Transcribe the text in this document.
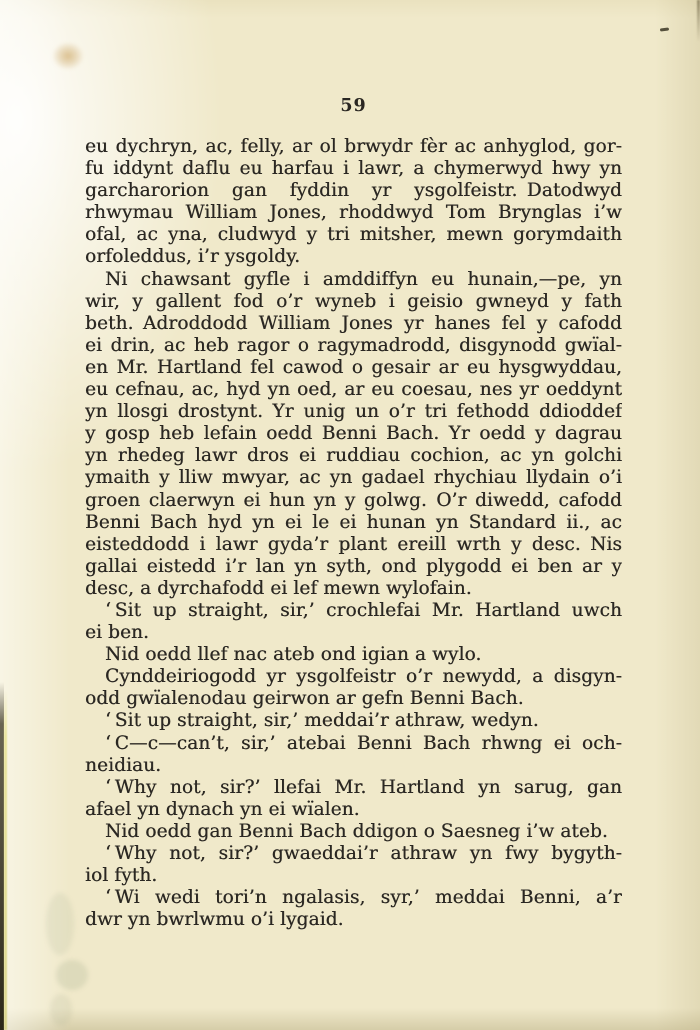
59
eu dychryn, ac, felly, ar ol brwydr fèr ac anhyglod, gor-
fu iddynt daflu eu harfau i lawr, a chymerwyd hwy yn
garcharorion gan fyddin yr ysgolfeistr. Datodwyd
rhwymau William Jones, rhoddwyd Tom Brynglas i’w
ofal, ac yna, cludwyd y tri mitsher, mewn gorymdaith
orfoleddus, i’r ysgoldy.
Ni chawsant gyfle i amddiffyn eu hunain,—pe, yn
wir, y gallent fod o’r wyneb i geisio gwneyd y fath
beth. Adroddodd William Jones yr hanes fel y cafodd
ei drin, ac heb ragor o ragymadrodd, disgynodd gwïal-
en Mr. Hartland fel cawod o gesair ar eu hysgwyddau,
eu cefnau, ac, hyd yn oed, ar eu coesau, nes yr oeddynt
yn llosgi drostynt. Yr unig un o’r tri fethodd ddioddef
y gosp heb lefain oedd Benni Bach. Yr oedd y dagrau
yn rhedeg lawr dros ei ruddiau cochion, ac yn golchi
ymaith y lliw mwyar, ac yn gadael rhychiau llydain o’i
groen claerwyn ei hun yn y golwg. O’r diwedd, cafodd
Benni Bach hyd yn ei le ei hunan yn Standard ii., ac
eisteddodd i lawr gyda’r plant ereill wrth y desc. Nis
gallai eistedd i’r lan yn syth, ond plygodd ei ben ar y
desc, a dyrchafodd ei lef mewn wylofain.
‘ Sit up straight, sir,’ crochlefai Mr. Hartland uwch
ei ben.
Nid oedd llef nac ateb ond igian a wylo.
Cynddeiriogodd yr ysgolfeistr o’r newydd, a disgyn-
odd gwïalenodau geirwon ar gefn Benni Bach.
‘ Sit up straight, sir,’ meddai’r athraw, wedyn.
‘ C—c—can’t, sir,’ atebai Benni Bach rhwng ei och-
neidiau.
‘ Why not, sir?’ llefai Mr. Hartland yn sarug, gan
afael yn dynach yn ei wïalen.
Nid oedd gan Benni Bach ddigon o Saesneg i’w ateb.
‘ Why not, sir?’ gwaeddai’r athraw yn fwy bygyth-
iol fyth.
‘ Wi wedi tori’n ngalasis, syr,’ meddai Benni, a’r
dwr yn bwrlwmu o’i lygaid.
